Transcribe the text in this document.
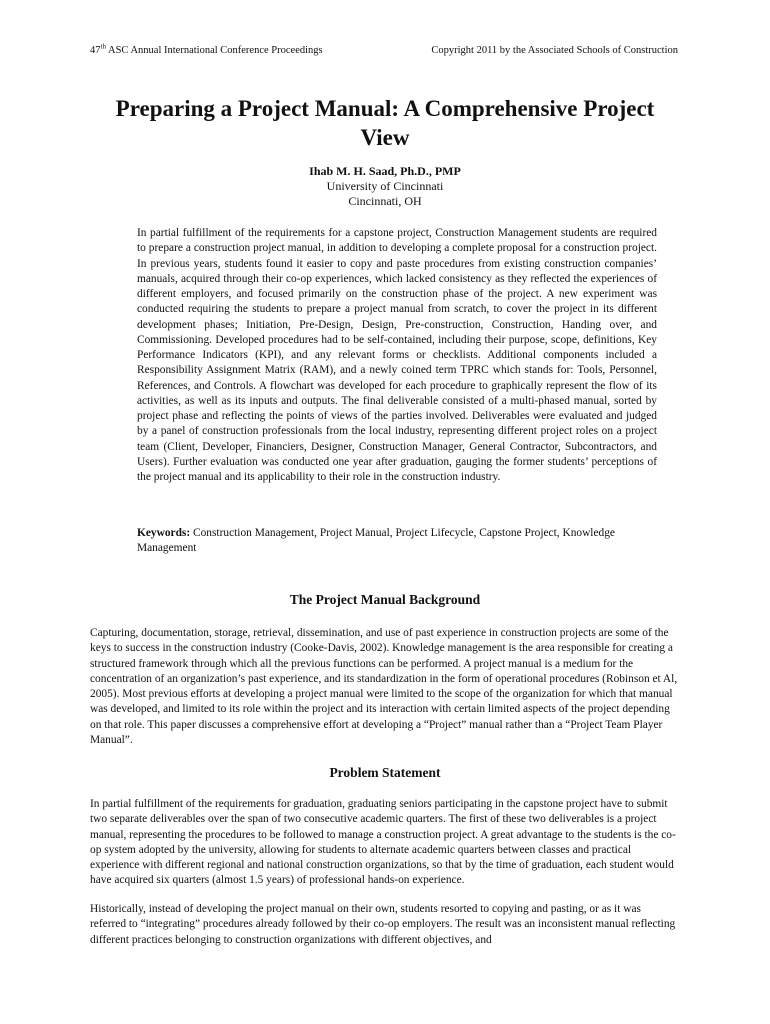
47th ASC Annual International Conference Proceedings	Copyright 2011 by the Associated Schools of Construction
Preparing a Project Manual: A Comprehensive Project View
Ihab M. H. Saad, Ph.D., PMP
University of Cincinnati
Cincinnati, OH

In partial fulfillment of the requirements for a capstone project, Construction Management students are required to prepare a construction project manual, in addition to developing a complete proposal for a construction project. In previous years, students found it easier to copy and paste procedures from existing construction companies’ manuals, acquired through their co-op experiences, which lacked consistency as they reflected the experiences of different employers, and focused primarily on the construction phase of the project. A new experiment was conducted requiring the students to prepare a project manual from scratch, to cover the project in its different development phases; Initiation, Pre-Design, Design, Pre-construction, Construction, Handing over, and Commissioning. Developed procedures had to be self-contained, including their purpose, scope, definitions, Key Performance Indicators (KPI), and any relevant forms or checklists. Additional components included a Responsibility Assignment Matrix (RAM), and a newly coined term TPRC which stands for: Tools, Personnel, References, and Controls. A flowchart was developed for each procedure to graphically represent the flow of its activities, as well as its inputs and outputs. The final deliverable consisted of a multi-phased manual, sorted by project phase and reflecting the points of views of the parties involved. Deliverables were evaluated and judged by a panel of construction professionals from the local industry, representing different project roles on a project team (Client, Developer, Financiers, Designer, Construction Manager, General Contractor, Subcontractors, and Users). Further evaluation was conducted one year after graduation, gauging the former students’ perceptions of the project manual and its applicability to their role in the construction industry.

Keywords: Construction Management, Project Manual, Project Lifecycle, Capstone Project, Knowledge Management

The Project Manual Background

Capturing, documentation, storage, retrieval, dissemination, and use of past experience in construction projects are some of the keys to success in the construction industry (Cooke-Davis, 2002). Knowledge management is the area responsible for creating a structured framework through which all the previous functions can be performed. A project manual is a medium for the concentration of an organization’s past experience, and its standardization in the form of operational procedures (Robinson et Al, 2005). Most previous efforts at developing a project manual were limited to the scope of the organization for which that manual was developed, and limited to its role within the project and its interaction with certain limited aspects of the project depending on that role. This paper discusses a comprehensive effort at developing a “Project” manual rather than a “Project Team Player Manual”.

Problem Statement

In partial fulfillment of the requirements for graduation, graduating seniors participating in the capstone project have to submit two separate deliverables over the span of two consecutive academic quarters. The first of these two deliverables is a project manual, representing the procedures to be followed to manage a construction project. A great advantage to the students is the co-op system adopted by the university, allowing for students to alternate academic quarters between classes and practical experience with different regional and national construction organizations, so that by the time of graduation, each student would have acquired six quarters (almost 1.5 years) of professional hands-on experience.

Historically, instead of developing the project manual on their own, students resorted to copying and pasting, or as it was referred to “integrating” procedures already followed by their co-op employers. The result was an inconsistent manual reflecting different practices belonging to construction organizations with different objectives, and
